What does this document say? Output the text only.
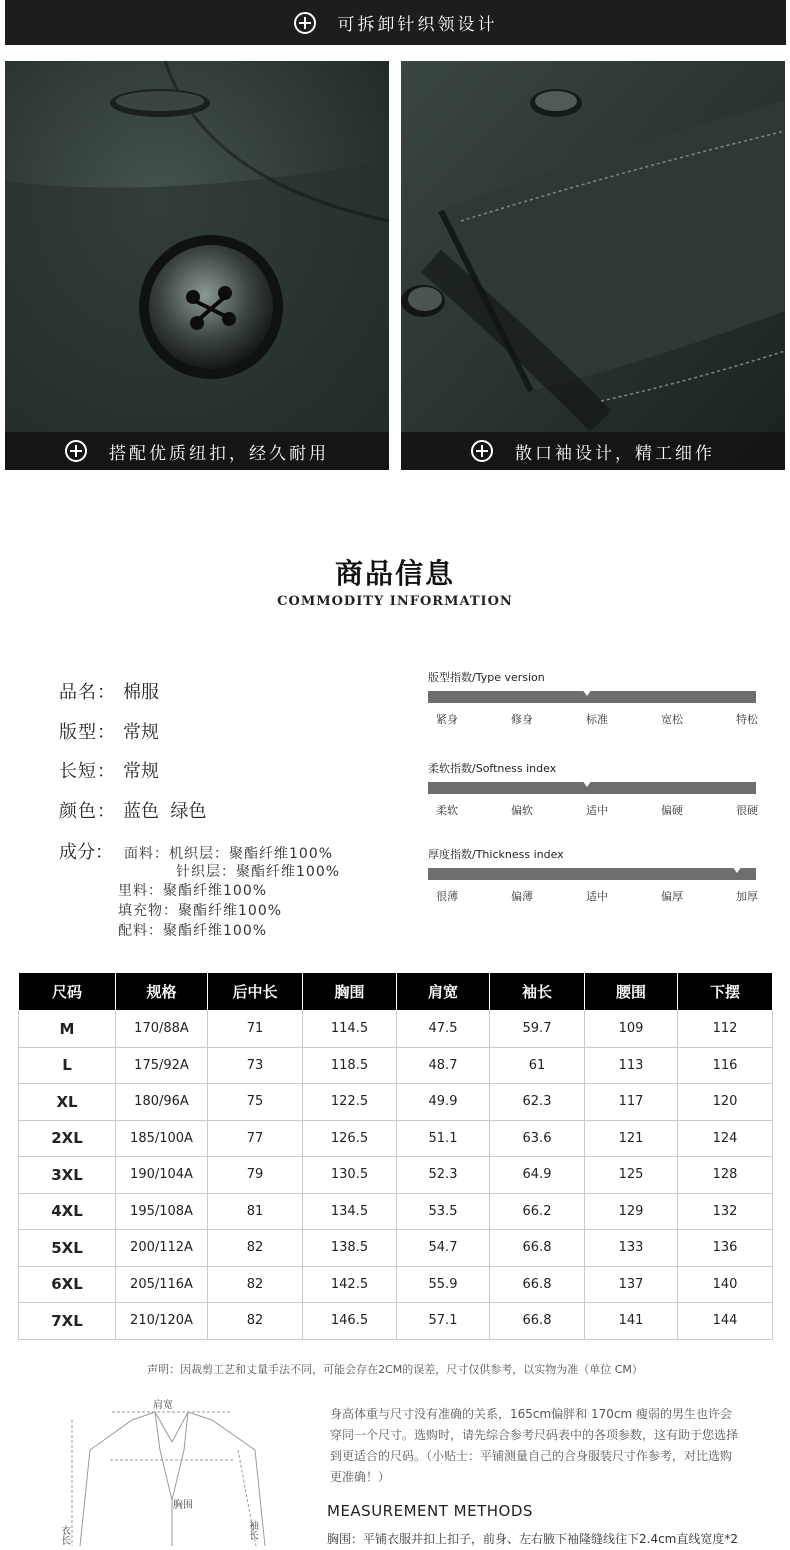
可拆卸针织领设计
搭配优质纽扣，经久耐用	散口袖设计，精工细作
商品信息
COMMODITY INFORMATION
品名： 棉服
版型： 常规
长短： 常规
颜色： 蓝色  绿色
成分： 面料：机织层：聚酯纤维100%
针织层：聚酯纤维100%
里料：聚酯纤维100%
填充物：聚酯纤维100%
配料：聚酯纤维100%
版型指数/Type version
紧身	修身	标准	宽松	特松
柔软指数/Softness index
柔软	偏软	适中	偏硬	很硬
厚度指数/Thickness index
很薄	偏薄	适中	偏厚	加厚
尺码	规格	后中长	胸围	肩宽	袖长	腰围	下摆
M	170/88A	71	114.5	47.5	59.7	109	112
L	175/92A	73	118.5	48.7	61	113	116
XL	180/96A	75	122.5	49.9	62.3	117	120
2XL	185/100A	77	126.5	51.1	63.6	121	124
3XL	190/104A	79	130.5	52.3	64.9	125	128
4XL	195/108A	81	134.5	53.5	66.2	129	132
5XL	200/112A	82	138.5	54.7	66.8	133	136
6XL	205/116A	82	142.5	55.9	66.8	137	140
7XL	210/120A	82	146.5	57.1	66.8	141	144
声明：因裁剪工艺和丈量手法不同，可能会存在2CM的误差，尺寸仅供参考，以实物为准（单位 CM）
肩宽
胸围
衣长	袖长
身高体重与尺寸没有准确的关系，165cm偏胖和 170cm 瘦弱的男生也许会穿同一个尺寸。选购时，请先综合参考尺码表中的各项参数，这有助于您选择到更适合的尺码。（小贴士：平铺测量自己的合身服装尺寸作参考，对比选购更准确！）
MEASUREMENT METHODS
胸围：平铺衣服并扣上扣子，前身、左右腋下袖隆缝线往下2.4cm直线宽度*2
